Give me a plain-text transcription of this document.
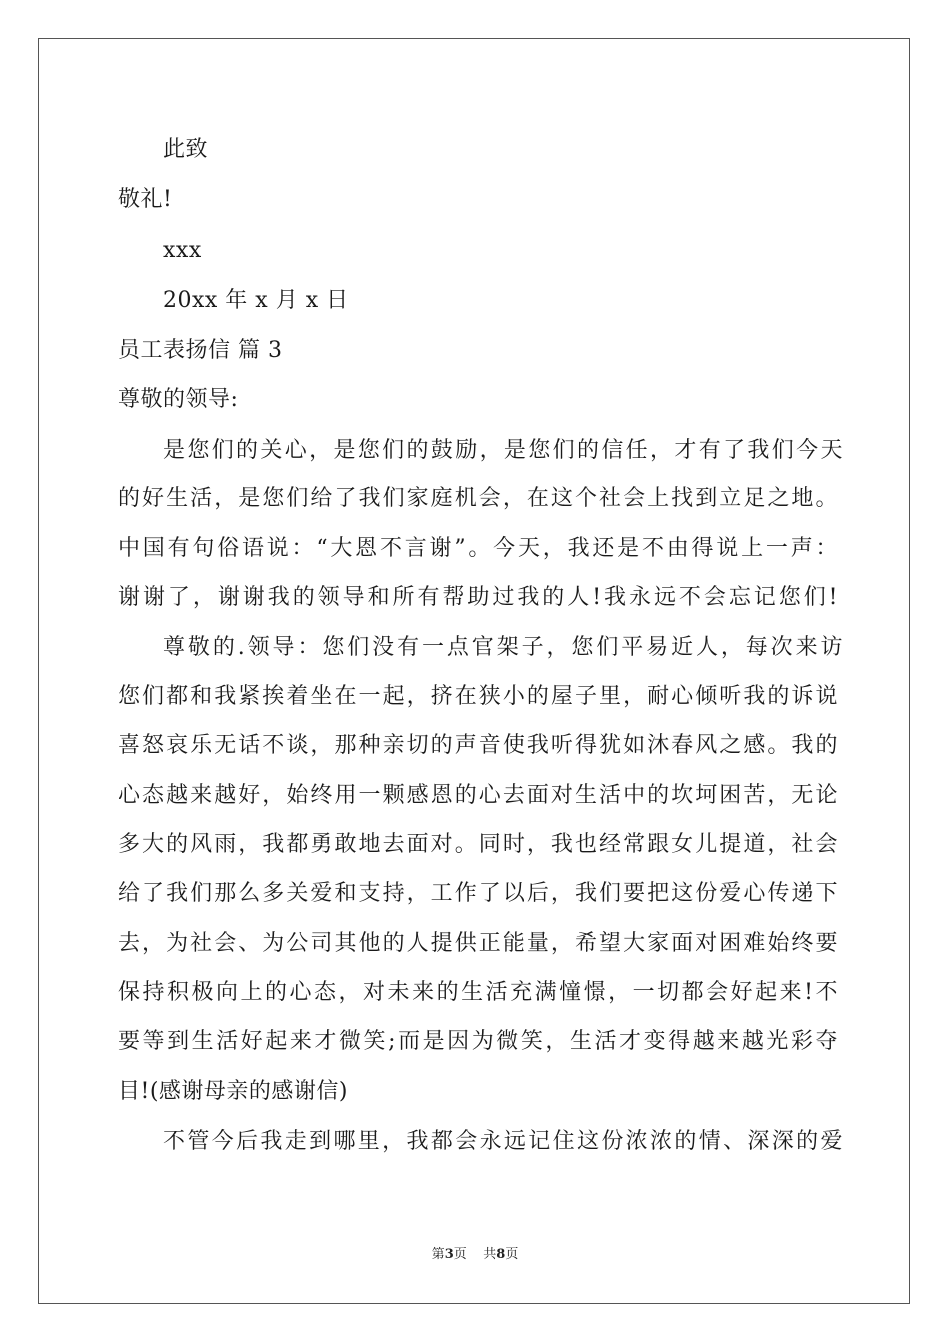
此致
敬礼!
xxx
20xx 年 x 月 x 日
员工表扬信 篇 3
尊敬的领导:
是您们的关心，是您们的鼓励，是您们的信任，才有了我们今天
的好生活，是您们给了我们家庭机会，在这个社会上找到立足之地。
中国有句俗语说：“大恩不言谢”。今天，我还是不由得说上一声：
谢谢了，谢谢我的领导和所有帮助过我的人!我永远不会忘记您们!
尊敬的.领导：您们没有一点官架子，您们平易近人，每次来访
您们都和我紧挨着坐在一起，挤在狭小的屋子里，耐心倾听我的诉说
喜怒哀乐无话不谈，那种亲切的声音使我听得犹如沐春风之感。我的
心态越来越好，始终用一颗感恩的心去面对生活中的坎坷困苦，无论
多大的风雨，我都勇敢地去面对。同时，我也经常跟女儿提道，社会
给了我们那么多关爱和支持，工作了以后，我们要把这份爱心传递下
去，为社会、为公司其他的人提供正能量，希望大家面对困难始终要
保持积极向上的心态，对未来的生活充满憧憬，一切都会好起来!不
要等到生活好起来才微笑;而是因为微笑，生活才变得越来越光彩夺
目!(感谢母亲的感谢信)
不管今后我走到哪里，我都会永远记住这份浓浓的情、深深的爱
第3页    共8页
